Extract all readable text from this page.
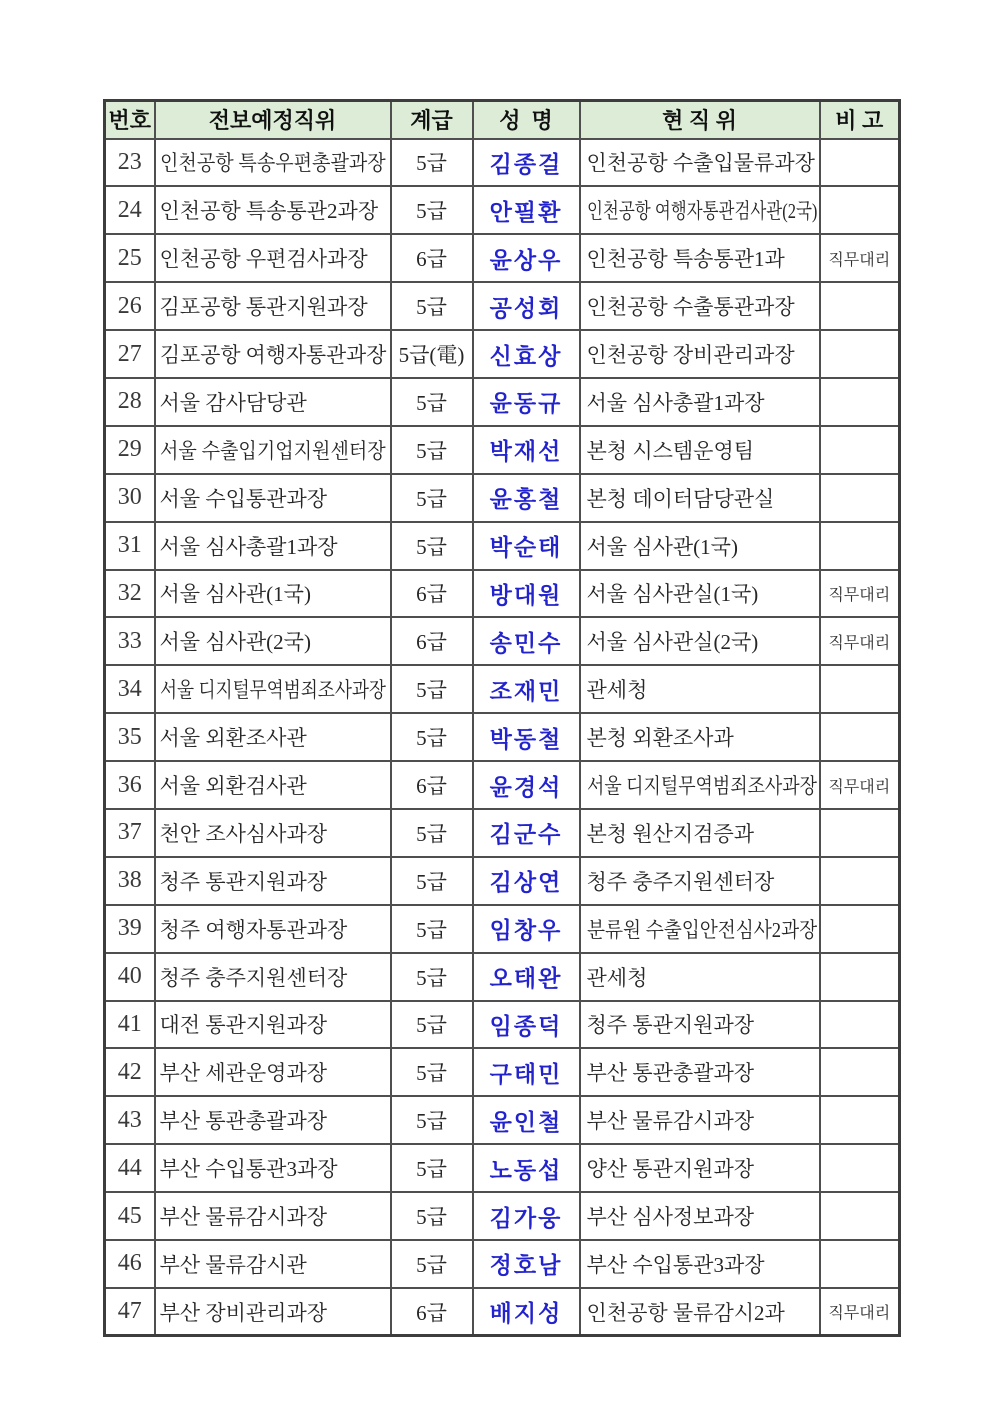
번호	전보예정직위	계급	성  명	현 직 위	비 고
23	인천공항 특송우편총괄과장	5급	김종걸	인천공항 수출입물류과장	
24	인천공항 특송통관2과장	5급	안필환	인천공항 여행자통관검사관(2국)	
25	인천공항 우편검사과장	6급	윤상우	인천공항 특송통관1과	직무대리
26	김포공항 통관지원과장	5급	공성회	인천공항 수출통관과장	
27	김포공항 여행자통관과장	5급(電)	신효상	인천공항 장비관리과장	
28	서울 감사담당관	5급	윤동규	서울 심사총괄1과장	
29	서울 수출입기업지원센터장	5급	박재선	본청 시스템운영팀	
30	서울 수입통관과장	5급	윤홍철	본청 데이터담당관실	
31	서울 심사총괄1과장	5급	박순태	서울 심사관(1국)	
32	서울 심사관(1국)	6급	방대원	서울 심사관실(1국)	직무대리
33	서울 심사관(2국)	6급	송민수	서울 심사관실(2국)	직무대리
34	서울 디지털무역범죄조사과장	5급	조재민	관세청	
35	서울 외환조사관	5급	박동철	본청 외환조사과	
36	서울 외환검사관	6급	윤경석	서울 디지털무역범죄조사과장	직무대리
37	천안 조사심사과장	5급	김군수	본청 원산지검증과	
38	청주 통관지원과장	5급	김상연	청주 충주지원센터장	
39	청주 여행자통관과장	5급	임창우	분류원 수출입안전심사2과장	
40	청주 충주지원센터장	5급	오태완	관세청	
41	대전 통관지원과장	5급	임종덕	청주 통관지원과장	
42	부산 세관운영과장	5급	구태민	부산 통관총괄과장	
43	부산 통관총괄과장	5급	윤인철	부산 물류감시과장	
44	부산 수입통관3과장	5급	노동섭	양산 통관지원과장	
45	부산 물류감시과장	5급	김가웅	부산 심사정보과장	
46	부산 물류감시관	5급	정호남	부산 수입통관3과장	
47	부산 장비관리과장	6급	배지성	인천공항 물류감시2과	직무대리
